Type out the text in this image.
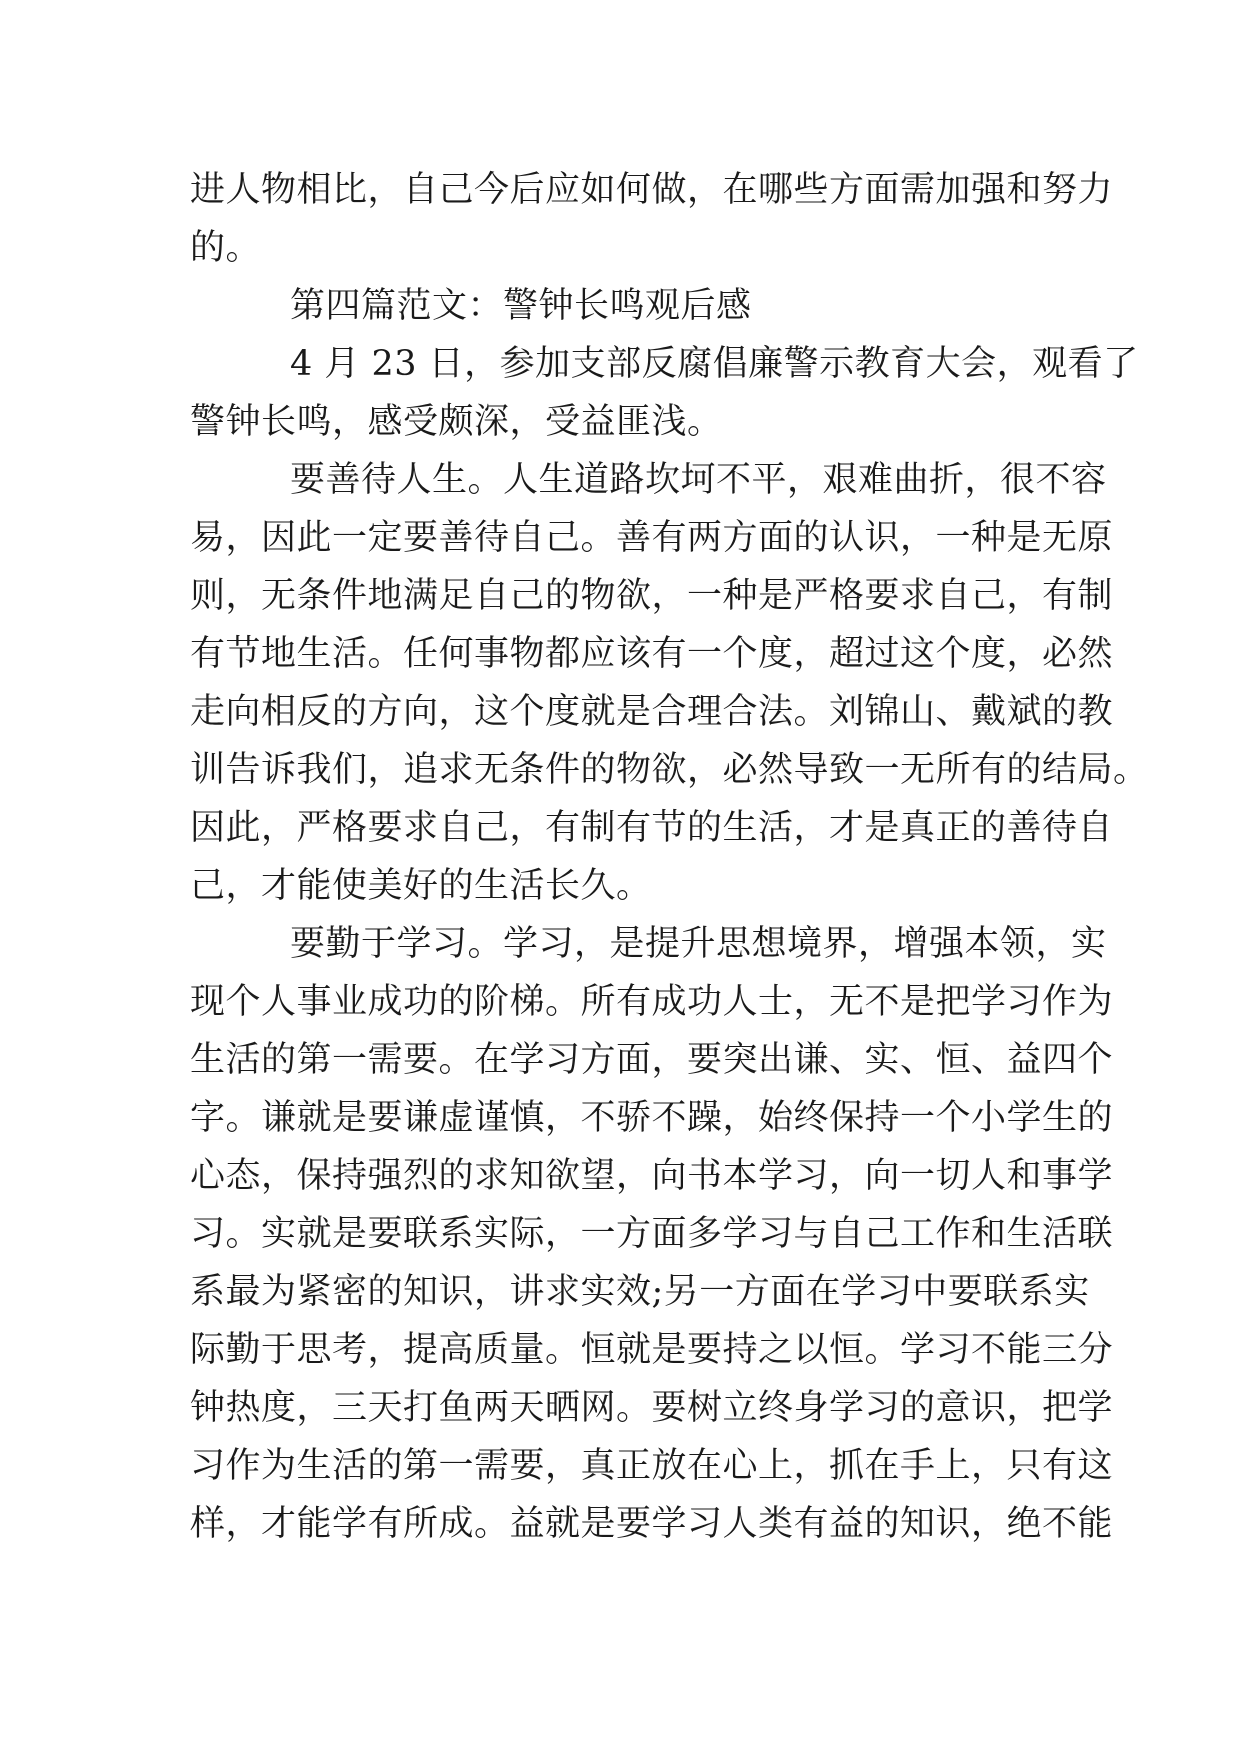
进人物相比，自己今后应如何做，在哪些方面需加强和努力
的。
第四篇范文：警钟长鸣观后感
4 月 23 日，参加支部反腐倡廉警示教育大会，观看了
警钟长鸣，感受颇深，受益匪浅。
要善待人生。人生道路坎坷不平，艰难曲折，很不容
易，因此一定要善待自己。善有两方面的认识，一种是无原
则，无条件地满足自己的物欲，一种是严格要求自己，有制
有节地生活。任何事物都应该有一个度，超过这个度，必然
走向相反的方向，这个度就是合理合法。刘锦山、戴斌的教
训告诉我们，追求无条件的物欲，必然导致一无所有的结局。
因此，严格要求自己，有制有节的生活，才是真正的善待自
己，才能使美好的生活长久。
要勤于学习。学习，是提升思想境界，增强本领，实
现个人事业成功的阶梯。所有成功人士，无不是把学习作为
生活的第一需要。在学习方面，要突出谦、实、恒、益四个
字。谦就是要谦虚谨慎，不骄不躁，始终保持一个小学生的
心态，保持强烈的求知欲望，向书本学习，向一切人和事学
习。实就是要联系实际，一方面多学习与自己工作和生活联
系最为紧密的知识，讲求实效;另一方面在学习中要联系实
际勤于思考，提高质量。恒就是要持之以恒。学习不能三分
钟热度，三天打鱼两天晒网。要树立终身学习的意识，把学
习作为生活的第一需要，真正放在心上，抓在手上，只有这
样，才能学有所成。益就是要学习人类有益的知识，绝不能
